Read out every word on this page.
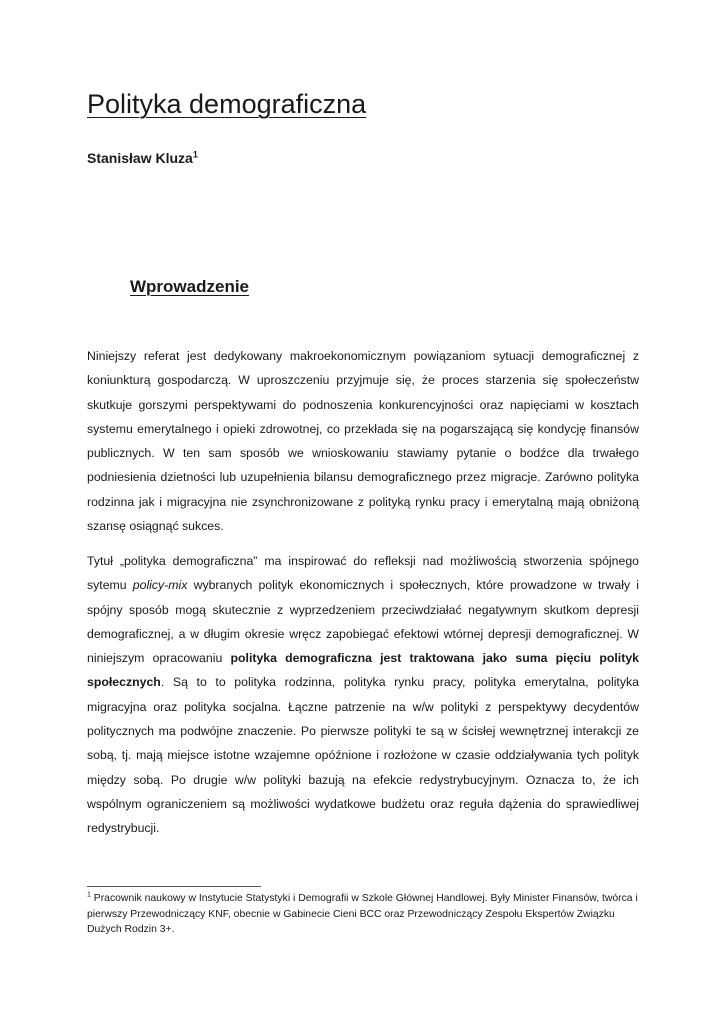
Polityka demograficzna

Stanisław Kluza$^1$

Wprowadzenie

Niniejszy referat jest dedykowany makroekonomicznym powiązaniom sytuacji demograficznej z koniunkturą gospodarczą. W uproszczeniu przyjmuje się, że proces starzenia się społeczeństw skutkuje gorszymi perspektywami do podnoszenia konkurencyjności oraz napięciami w kosztach systemu emerytalnego i opieki zdrowotnej, co przekłada się na pogarszającą się kondycję finansów publicznych. W ten sam sposób we wnioskowaniu stawiamy pytanie o bodźce dla trwałego podniesienia dzietności lub uzupełnienia bilansu demograficznego przez migracje. Zarówno polityka rodzinna jak i migracyjna nie zsynchronizowane z polityką rynku pracy i emerytalną mają obniżoną szansę osiągnąć sukces.

Tytuł „polityka demograficzna” ma inspirować do refleksji nad możliwością stworzenia spójnego sytemu policy-mix wybranych polityk ekonomicznych i społecznych, które prowadzone w trwały i spójny sposób mogą skutecznie z wyprzedzeniem przeciwdziałać negatywnym skutkom depresji demograficznej, a w długim okresie wręcz zapobiegać efektowi wtórnej depresji demograficznej. W niniejszym opracowaniu polityka demograficzna jest traktowana jako suma pięciu polityk społecznych. Są to to polityka rodzinna, polityka rynku pracy, polityka emerytalna, polityka migracyjna oraz polityka socjalna. Łączne patrzenie na w/w polityki z perspektywy decydentów politycznych ma podwójne znaczenie. Po pierwsze polityki te są w ścisłej wewnętrznej interakcji ze sobą, tj. mają miejsce istotne wzajemne opóźnione i rozłożone w czasie oddziaływania tych polityk między sobą. Po drugie w/w polityki bazują na efekcie redystrybucyjnym. Oznacza to, że ich wspólnym ograniczeniem są możliwości wydatkowe budżetu oraz reguła dążenia do sprawiedliwej redystrybucji.

$^1$ Pracownik naukowy w Instytucie Statystyki i Demografii w Szkole Głównej Handlowej. Były Minister Finansów, twórca i pierwszy Przewodniczący KNF, obecnie w Gabinecie Cieni BCC oraz Przewodniczący Zespołu Ekspertów Związku Dużych Rodzin 3+.
